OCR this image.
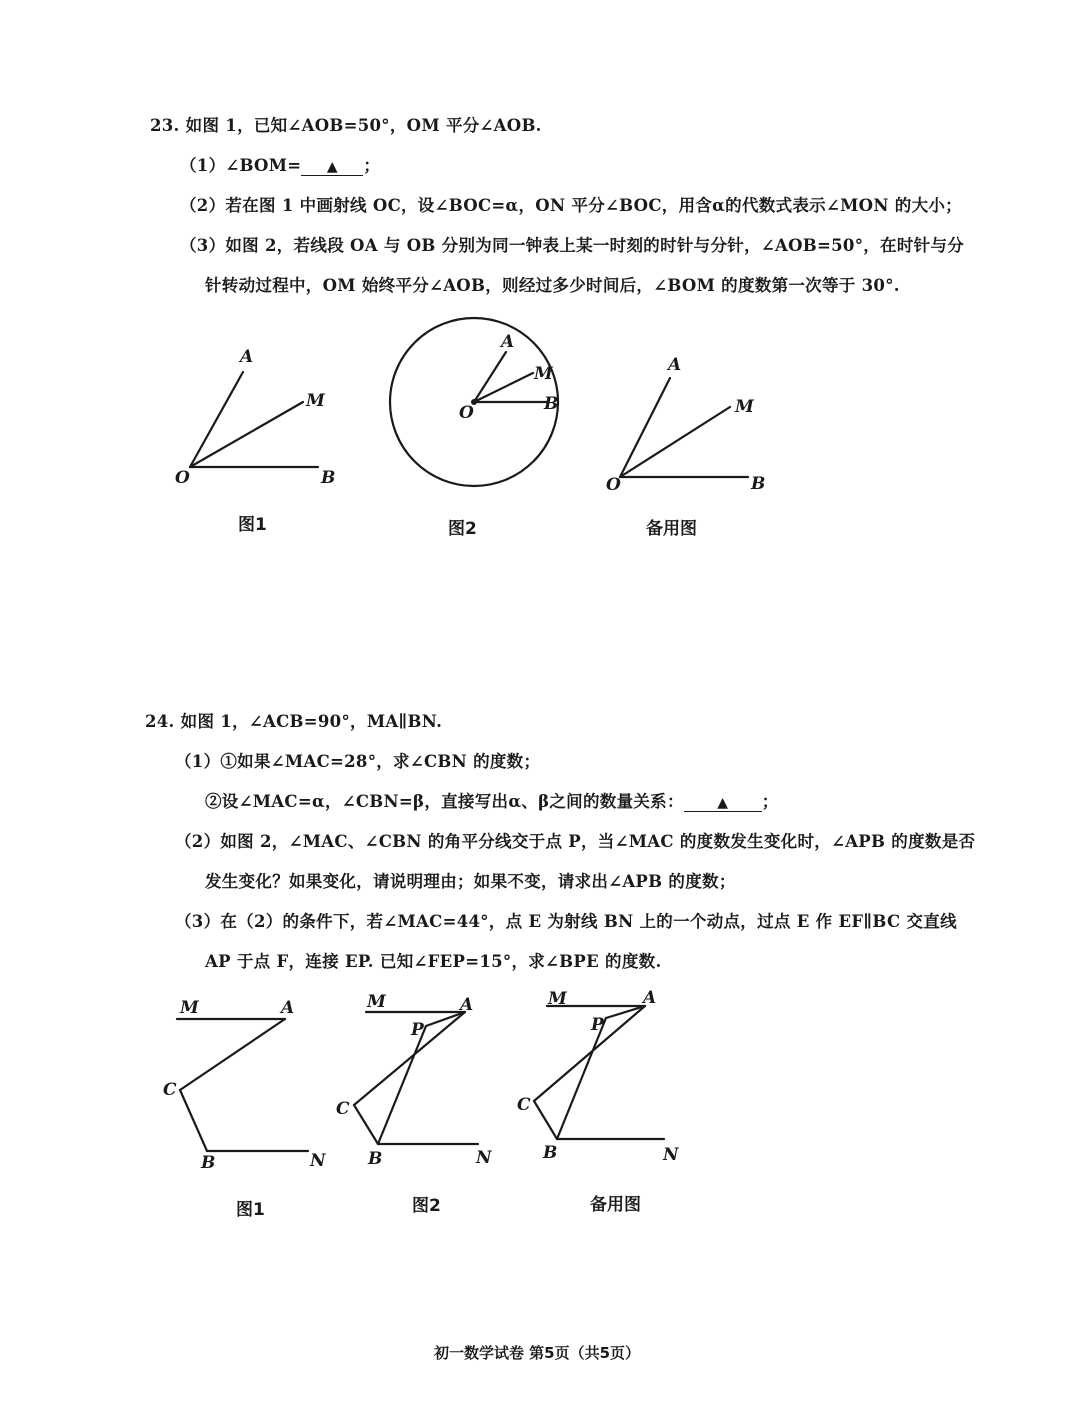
23. 如图 1，已知∠AOB=50°，OM 平分∠AOB.
（1）∠BOM= ▲ ；
（2）若在图 1 中画射线 OC，设∠BOC=α，ON 平分∠BOC，用含α的代数式表示∠MON 的大小；
（3）如图 2，若线段 OA 与 OB 分别为同一钟表上某一时刻的时针与分针，∠AOB=50°，在时针与分
针转动过程中，OM 始终平分∠AOB，则经过多少时间后，∠BOM 的度数第一次等于 30°.
A
M
O	B
A
M
O	B
A
M
O	B
M	A
C
B	N
M	A
P
C
B	N
M	A
P
C
B	N
图1	图2	备用图
24. 如图 1，∠ACB=90°，MA∥BN.
（1）①如果∠MAC=28°，求∠CBN 的度数；
②设∠MAC=α，∠CBN=β，直接写出α、β之间的数量关系： ▲ ；
（2）如图 2，∠MAC、∠CBN 的角平分线交于点 P，当∠MAC 的度数发生变化时，∠APB 的度数是否
发生变化？如果变化，请说明理由；如果不变，请求出∠APB 的度数；
（3）在（2）的条件下，若∠MAC=44°，点 E 为射线 BN 上的一个动点，过点 E 作 EF∥BC 交直线
AP 于点 F，连接 EP. 已知∠FEP=15°，求∠BPE 的度数.
图1	图2	备用图
初一数学试卷 第5页（共5页）
